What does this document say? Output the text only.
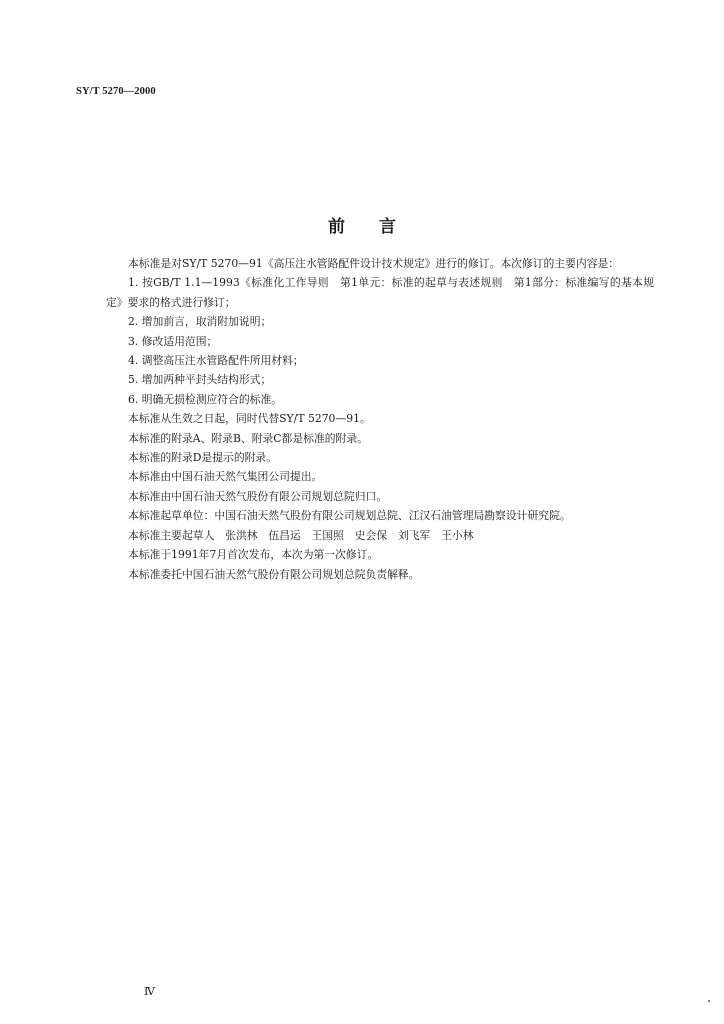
SY/T 5270—2000
前　　言

本标准是对SY/T 5270—91《高压注水管路配件设计技术规定》进行的修订。本次修订的主要内容是：

1. 按GB/T 1.1—1993《标准化工作导则　第1单元：标准的起草与表述规则　第1部分：标准编写的基本规定》要求的格式进行修订；

2. 增加前言，取消附加说明；

3. 修改适用范围；

4. 调整高压注水管路配件所用材料；

5. 增加两种平封头结构形式；

6. 明确无损检测应符合的标准。

本标准从生效之日起，同时代替SY/T 5270—91。

本标准的附录A、附录B、附录C都是标准的附录。

本标准的附录D是提示的附录。

本标准由中国石油天然气集团公司提出。

本标准由中国石油天然气股份有限公司规划总院归口。

本标准起草单位：中国石油天然气股份有限公司规划总院、江汉石油管理局勘察设计研究院。

本标准主要起草人　张洪林　伍昌运　王国照　史会保　刘飞军　王小林

本标准于1991年7月首次发布，本次为第一次修订。

本标准委托中国石油天然气股份有限公司规划总院负责解释。

Ⅳ
